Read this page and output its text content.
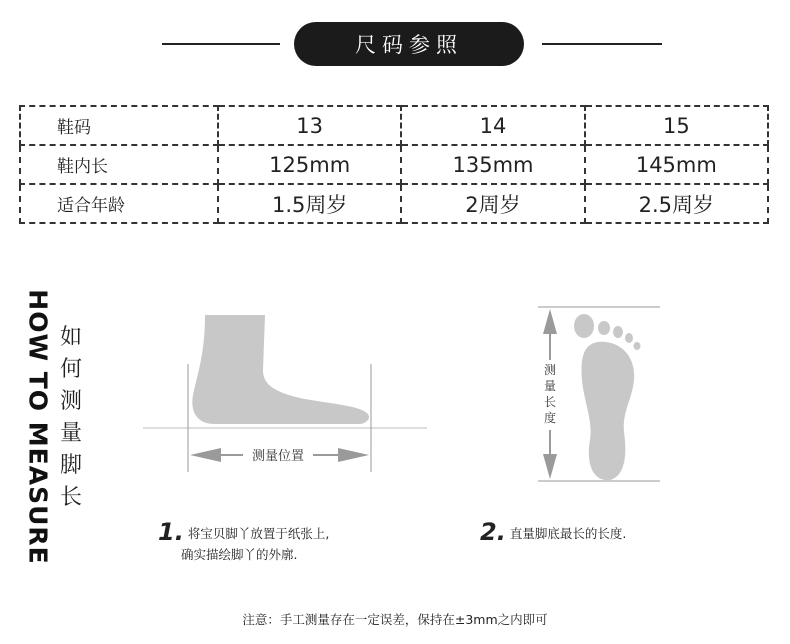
尺码参照
鞋码	13	14	15
鞋内长	125mm	135mm	145mm
适合年龄	1.5周岁	2周岁	2.5周岁
HOW TO MEASURE 如
何
测
量
脚
长
测量位置
测
量
长
度
1. 将宝贝脚丫放置于纸张上,
确实描绘脚丫的外廓.
2. 直量脚底最长的长度.
注意：手工测量存在一定误差，保持在±3mm之内即可
